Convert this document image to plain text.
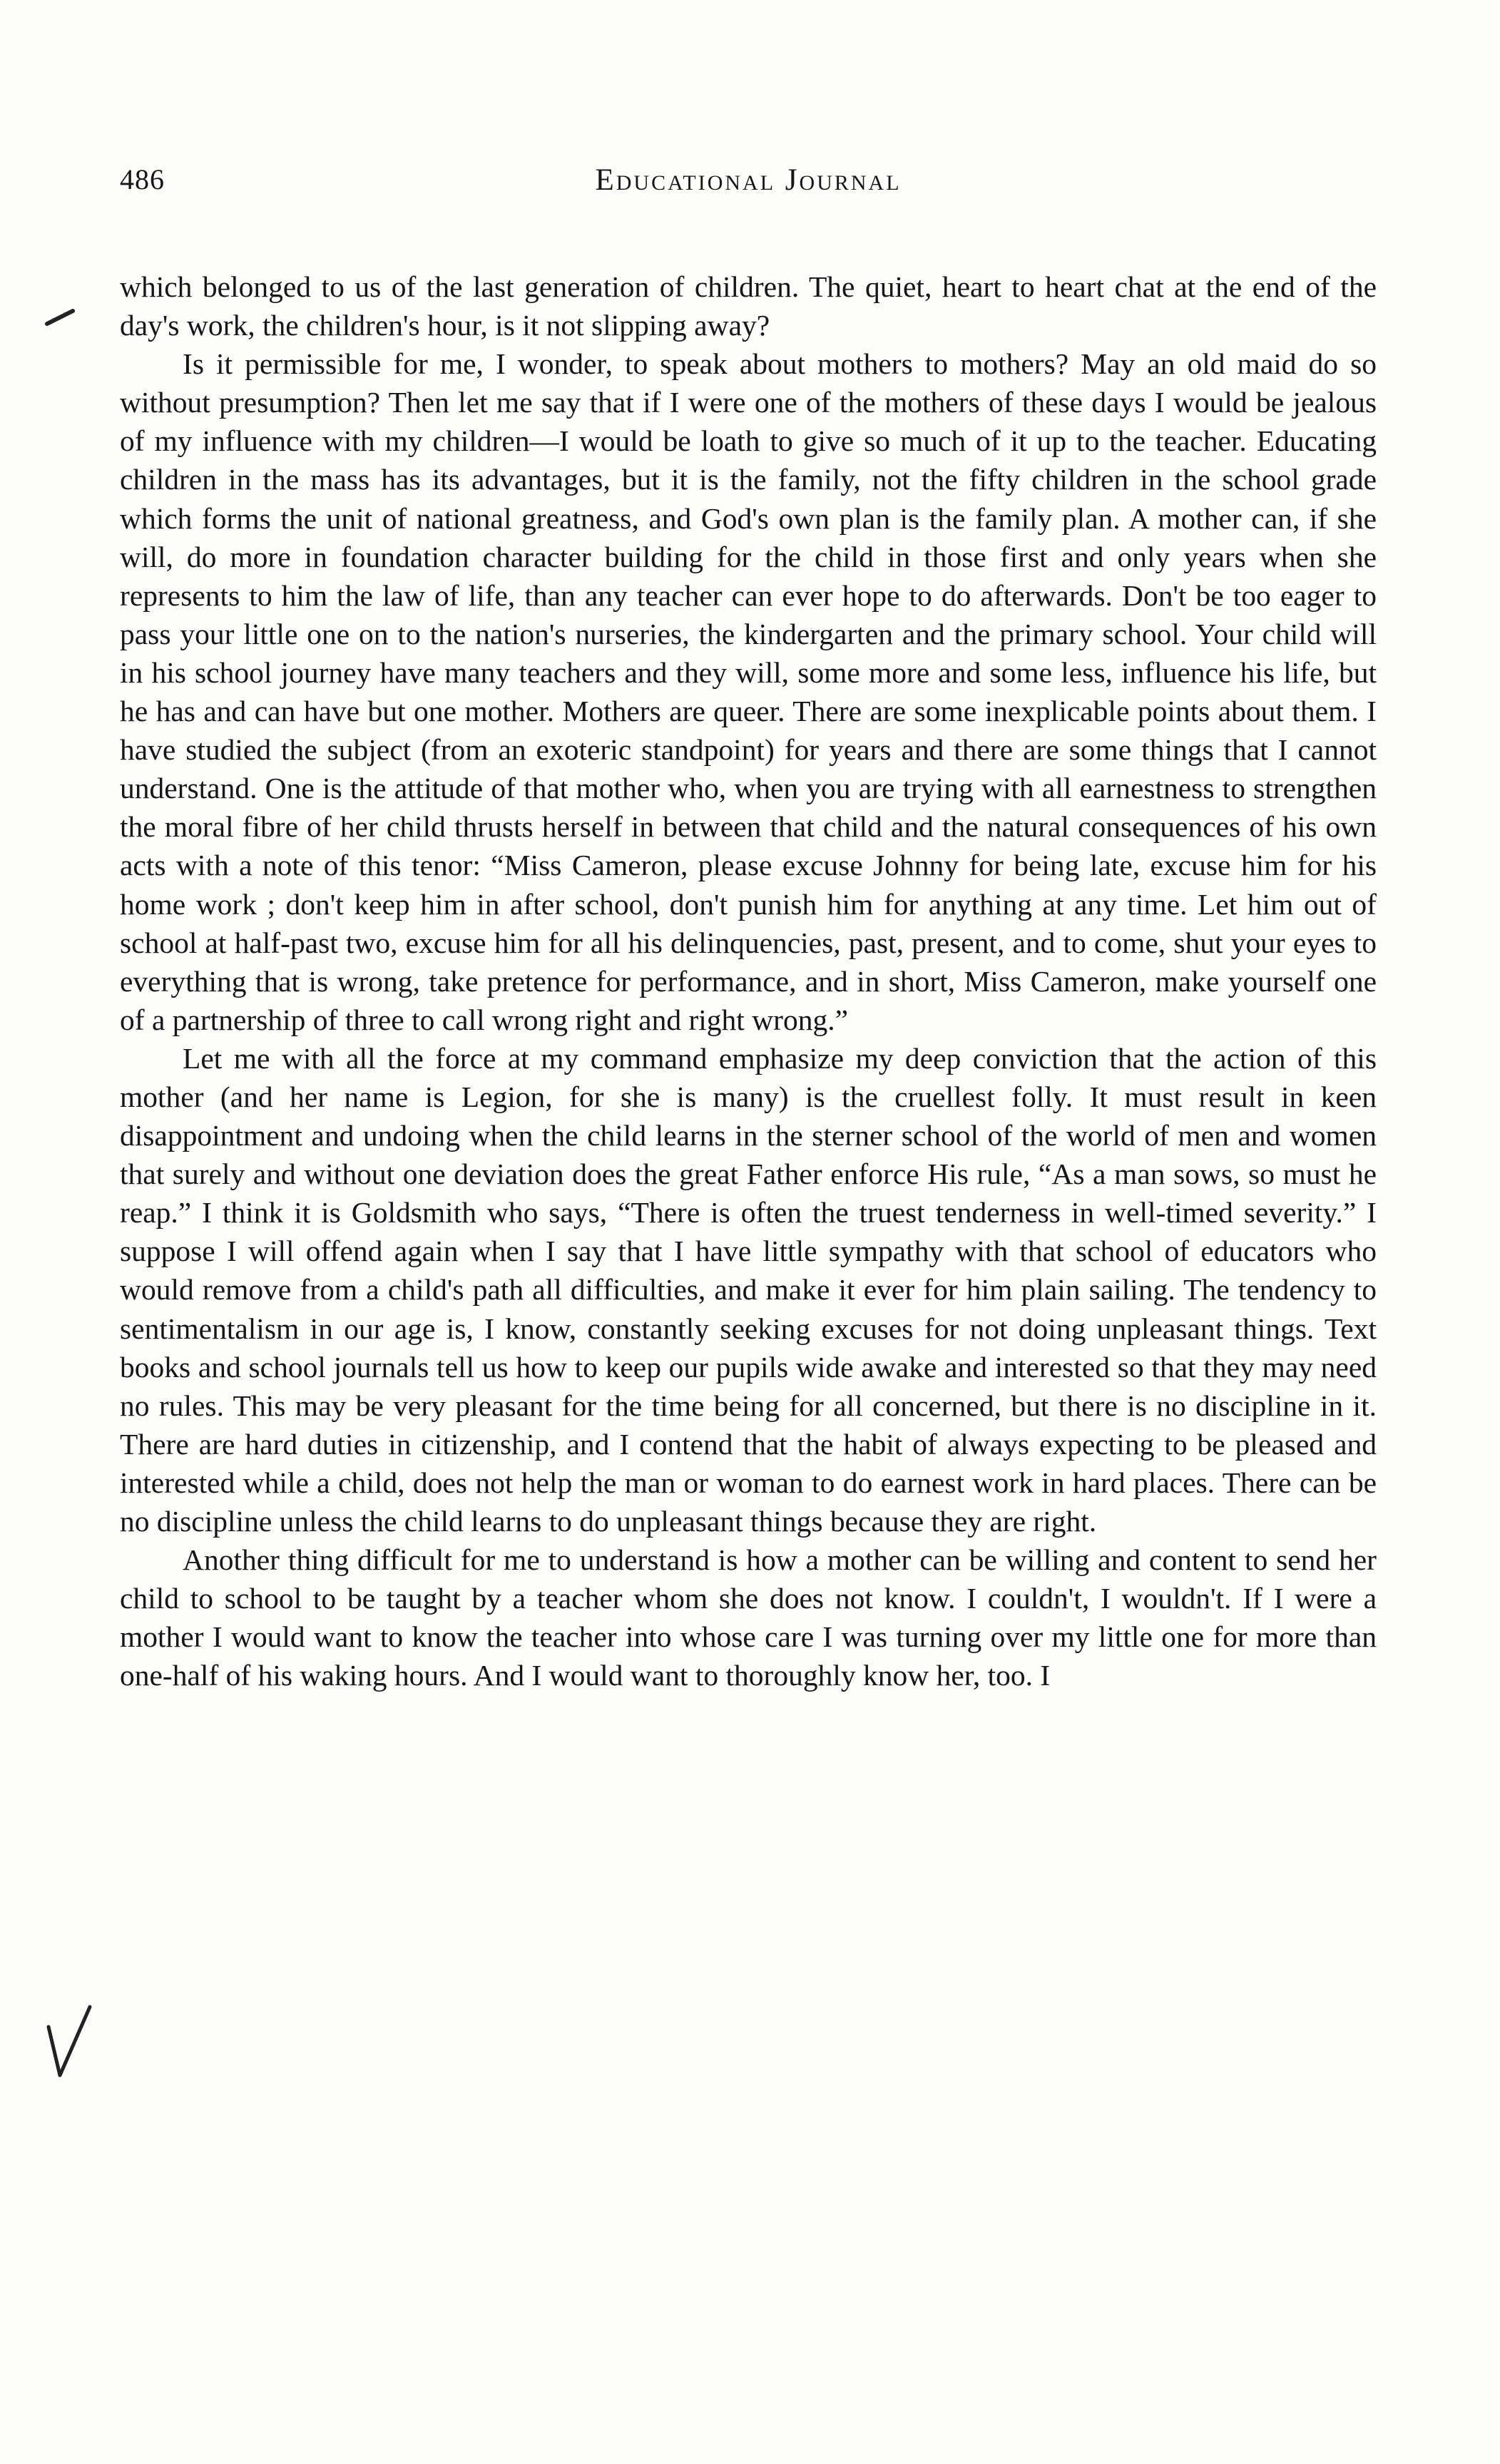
486	Educational Journal

which belonged to us of the last generation of children. The quiet, heart to heart chat at the end of the day's work, the children's hour, is it not slipping away?

Is it permissible for me, I wonder, to speak about mothers to mothers? May an old maid do so without presumption? Then let me say that if I were one of the mothers of these days I would be jealous of my influence with my children—I would be loath to give so much of it up to the teacher. Educating children in the mass has its advantages, but it is the family, not the fifty children in the school grade which forms the unit of national greatness, and God's own plan is the family plan. A mother can, if she will, do more in foundation character building for the child in those first and only years when she represents to him the law of life, than any teacher can ever hope to do afterwards. Don't be too eager to pass your little one on to the nation's nurseries, the kindergarten and the primary school. Your child will in his school journey have many teachers and they will, some more and some less, influence his life, but he has and can have but one mother. Mothers are queer. There are some inexplicable points about them. I have studied the subject (from an exoteric standpoint) for years and there are some things that I cannot understand. One is the attitude of that mother who, when you are trying with all earnestness to strengthen the moral fibre of her child thrusts herself in between that child and the natural consequences of his own acts with a note of this tenor: “Miss Cameron, please excuse Johnny for being late, excuse him for his home work ; don't keep him in after school, don't punish him for anything at any time. Let him out of school at half-past two, excuse him for all his delinquencies, past, present, and to come, shut your eyes to everything that is wrong, take pretence for performance, and in short, Miss Cameron, make yourself one of a partnership of three to call wrong right and right wrong.”

Let me with all the force at my command emphasize my deep conviction that the action of this mother (and her name is Legion, for she is many) is the cruellest folly. It must result in keen disappointment and undoing when the child learns in the sterner school of the world of men and women that surely and without one deviation does the great Father enforce His rule, “As a man sows, so must he reap.” I think it is Goldsmith who says, “There is often the truest tenderness in well-timed severity.” I suppose I will offend again when I say that I have little sympathy with that school of educators who would remove from a child's path all difficulties, and make it ever for him plain sailing. The tendency to sentimentalism in our age is, I know, constantly seeking excuses for not doing unpleasant things. Text books and school journals tell us how to keep our pupils wide awake and interested so that they may need no rules. This may be very pleasant for the time being for all concerned, but there is no discipline in it. There are hard duties in citizenship, and I contend that the habit of always expecting to be pleased and interested while a child, does not help the man or woman to do earnest work in hard places. There can be no discipline unless the child learns to do unpleasant things because they are right.

Another thing difficult for me to understand is how a mother can be willing and content to send her child to school to be taught by a teacher whom she does not know. I couldn't, I wouldn't. If I were a mother I would want to know the teacher into whose care I was turning over my little one for more than one-half of his waking hours. And I would want to thoroughly know her, too. I
